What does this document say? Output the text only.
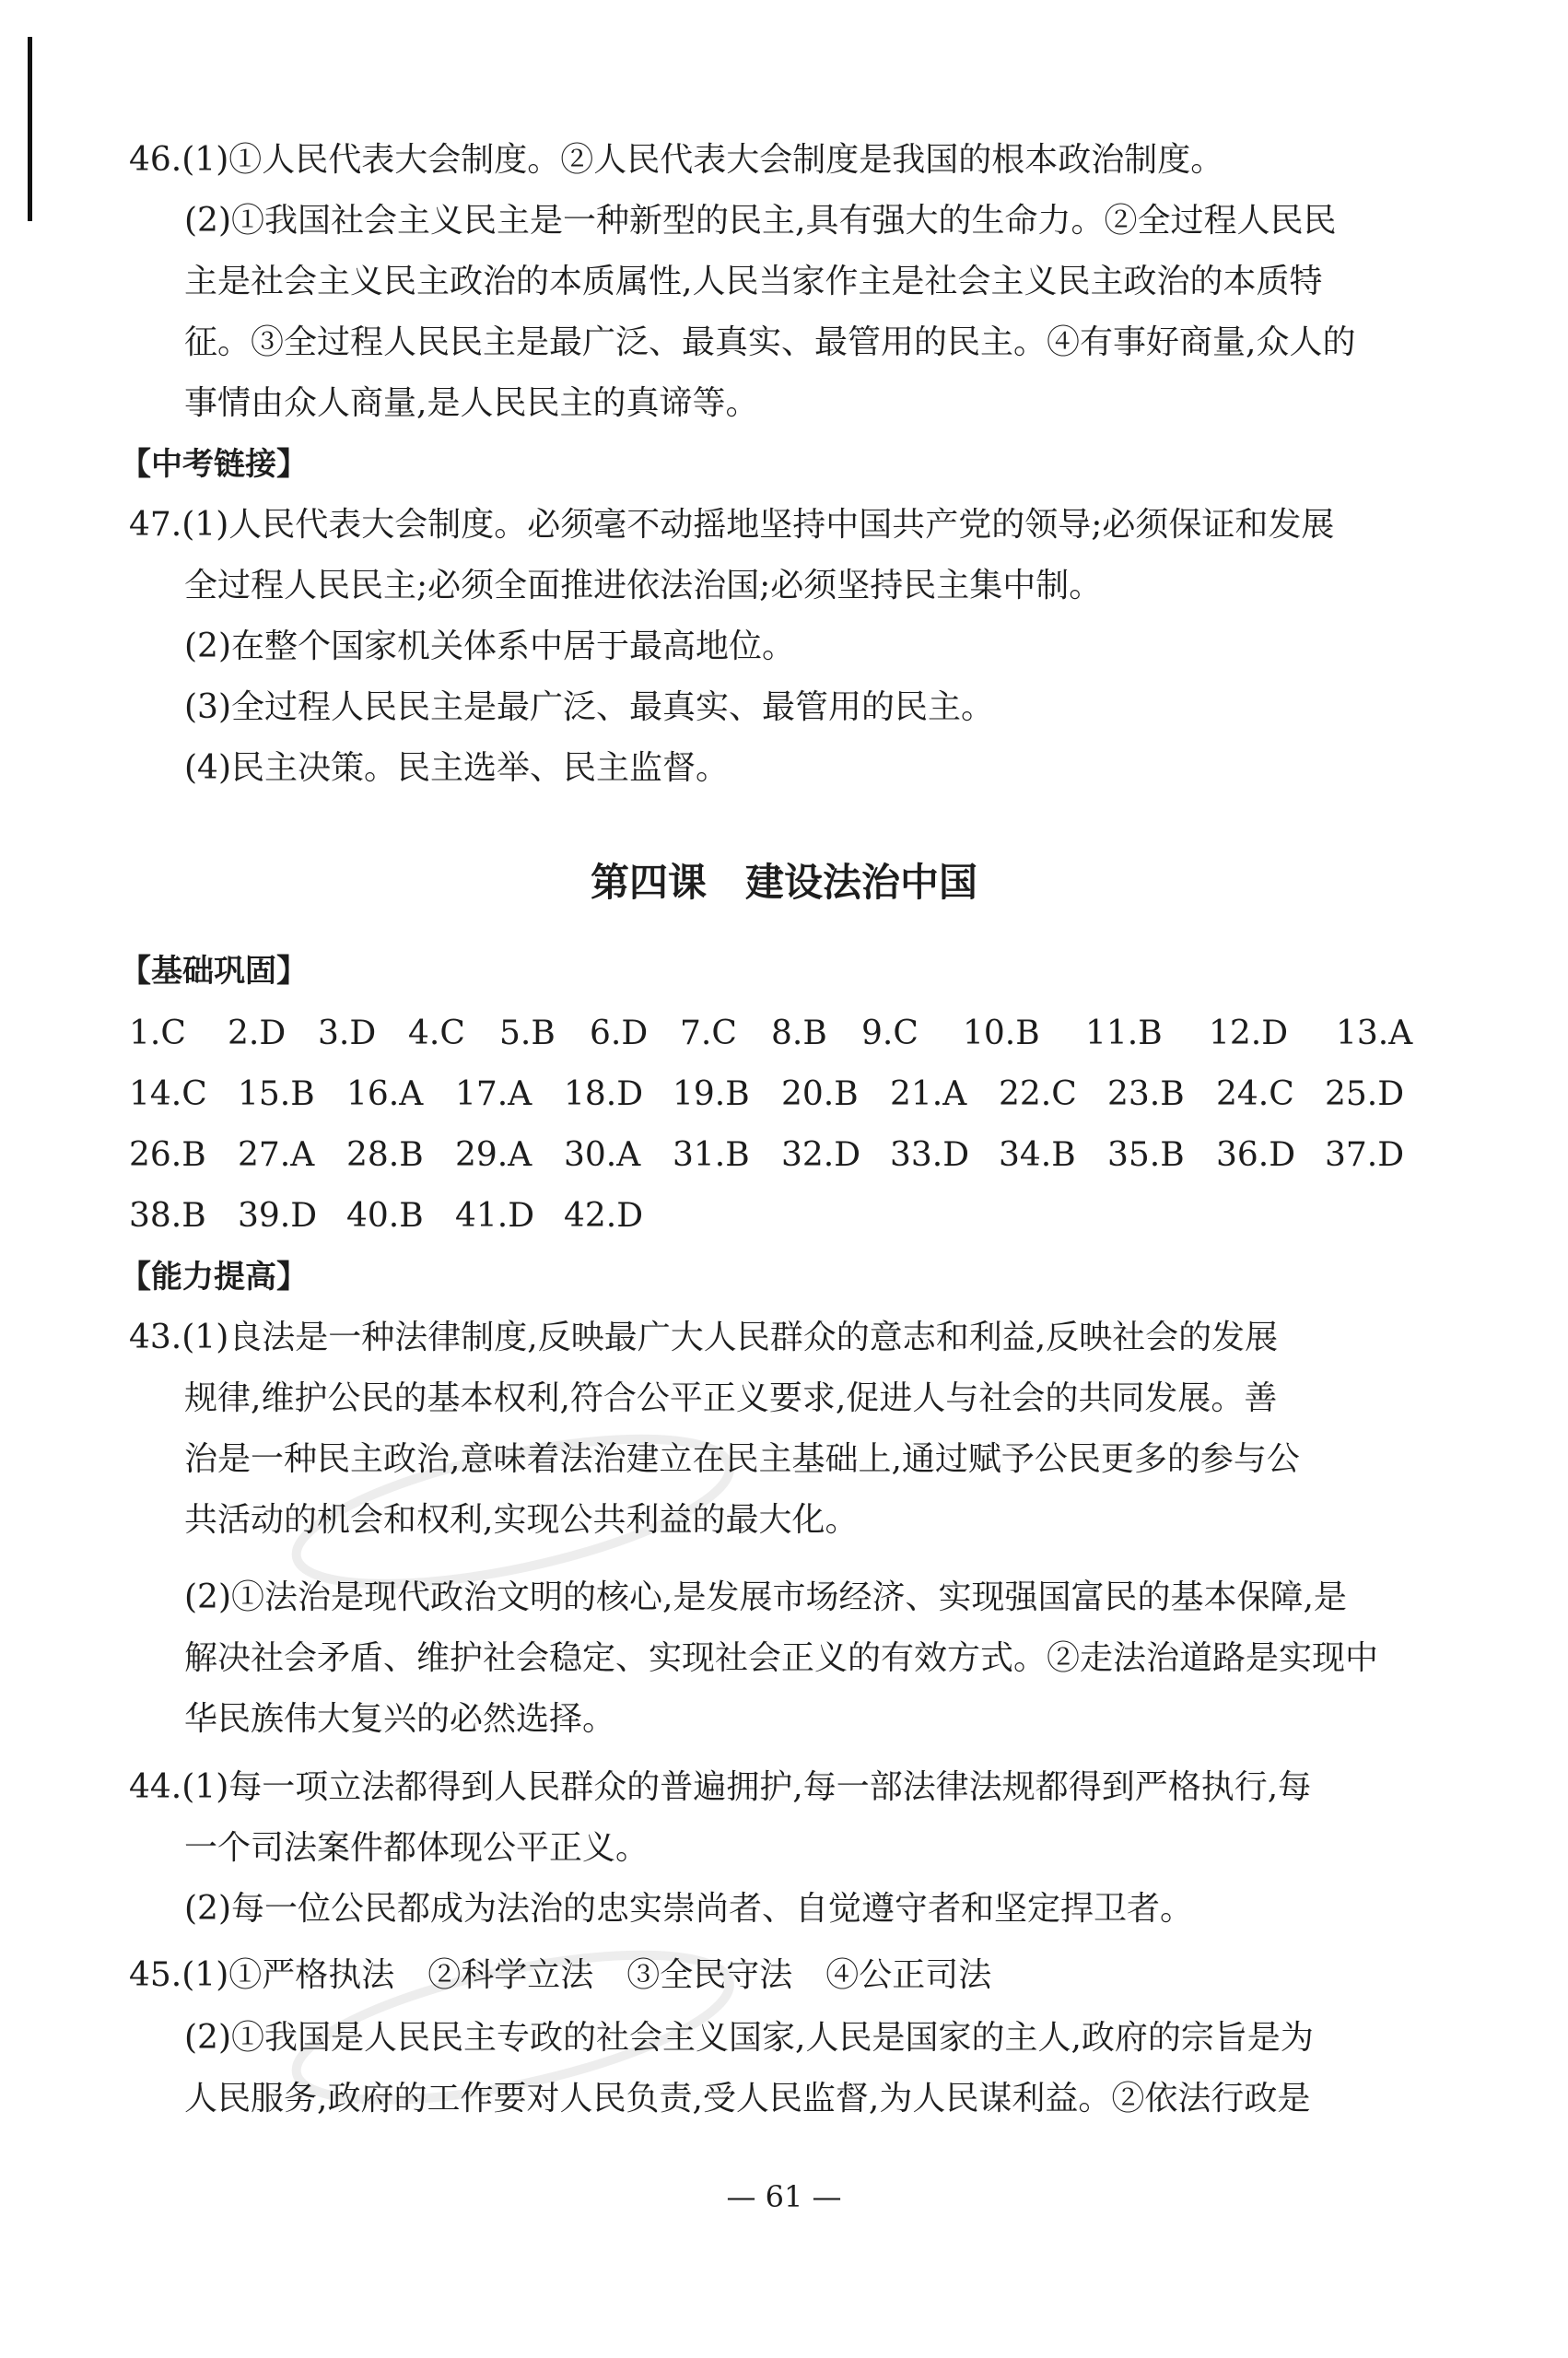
46.(1)①人民代表大会制度。②人民代表大会制度是我国的根本政治制度。
(2)①我国社会主义民主是一种新型的民主,具有强大的生命力。②全过程人民民
主是社会主义民主政治的本质属性,人民当家作主是社会主义民主政治的本质特
征。③全过程人民民主是最广泛、最真实、最管用的民主。④有事好商量,众人的
事情由众人商量,是人民民主的真谛等。
【中考链接】
47.(1)人民代表大会制度。必须毫不动摇地坚持中国共产党的领导;必须保证和发展
全过程人民民主;必须全面推进依法治国;必须坚持民主集中制。
(2)在整个国家机关体系中居于最高地位。
(3)全过程人民民主是最广泛、最真实、最管用的民主。
(4)民主决策。民主选举、民主监督。
第四课　建设法治中国
【基础巩固】
1.C 2.D 3.D 4.C 5.B 6.D 7.C 8.B 9.C 10.B 11.B 12.D 13.A
14.C 15.B 16.A 17.A 18.D 19.B 20.B 21.A 22.C 23.B 24.C 25.D
26.B 27.A 28.B 29.A 30.A 31.B 32.D 33.D 34.B 35.B 36.D 37.D
38.B 39.D 40.B 41.D 42.D
【能力提高】
43.(1)良法是一种法律制度,反映最广大人民群众的意志和利益,反映社会的发展
规律,维护公民的基本权利,符合公平正义要求,促进人与社会的共同发展。善
治是一种民主政治,意味着法治建立在民主基础上,通过赋予公民更多的参与公
共活动的机会和权利,实现公共利益的最大化。
(2)①法治是现代政治文明的核心,是发展市场经济、实现强国富民的基本保障,是
解决社会矛盾、维护社会稳定、实现社会正义的有效方式。②走法治道路是实现中
华民族伟大复兴的必然选择。
44.(1)每一项立法都得到人民群众的普遍拥护,每一部法律法规都得到严格执行,每
一个司法案件都体现公平正义。
(2)每一位公民都成为法治的忠实崇尚者、自觉遵守者和坚定捍卫者。
45.(1)①严格执法　②科学立法　③全民守法　④公正司法
(2)①我国是人民民主专政的社会主义国家,人民是国家的主人,政府的宗旨是为
人民服务,政府的工作要对人民负责,受人民监督,为人民谋利益。②依法行政是
— 61 —
